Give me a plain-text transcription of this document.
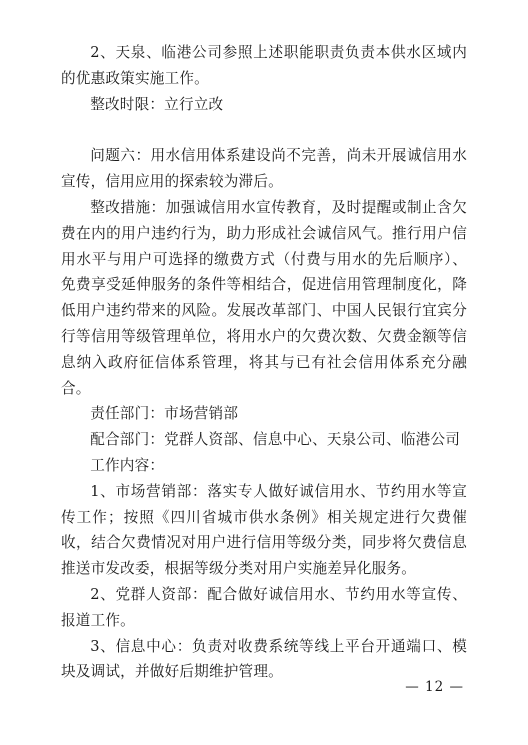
2、天泉、临港公司参照上述职能职责负责本供水区域内的优惠政策实施工作。

整改时限：立行立改

问题六：用水信用体系建设尚不完善，尚未开展诚信用水宣传，信用应用的探索较为滞后。

整改措施：加强诚信用水宣传教育，及时提醒或制止含欠费在内的用户违约行为，助力形成社会诚信风气。推行用户信用水平与用户可选择的缴费方式（付费与用水的先后顺序）、免费享受延伸服务的条件等相结合，促进信用管理制度化，降低用户违约带来的风险。发展改革部门、中国人民银行宜宾分行等信用等级管理单位，将用水户的欠费次数、欠费金额等信息纳入政府征信体系管理，将其与已有社会信用体系充分融合。

责任部门：市场营销部

配合部门：党群人资部、信息中心、天泉公司、临港公司

工作内容：

1、市场营销部：落实专人做好诚信用水、节约用水等宣传工作；按照《四川省城市供水条例》相关规定进行欠费催收，结合欠费情况对用户进行信用等级分类，同步将欠费信息推送市发改委，根据等级分类对用户实施差异化服务。

2、党群人资部：配合做好诚信用水、节约用水等宣传、报道工作。

3、信息中心：负责对收费系统等线上平台开通端口、模块及调试，并做好后期维护管理。

— 12 —
